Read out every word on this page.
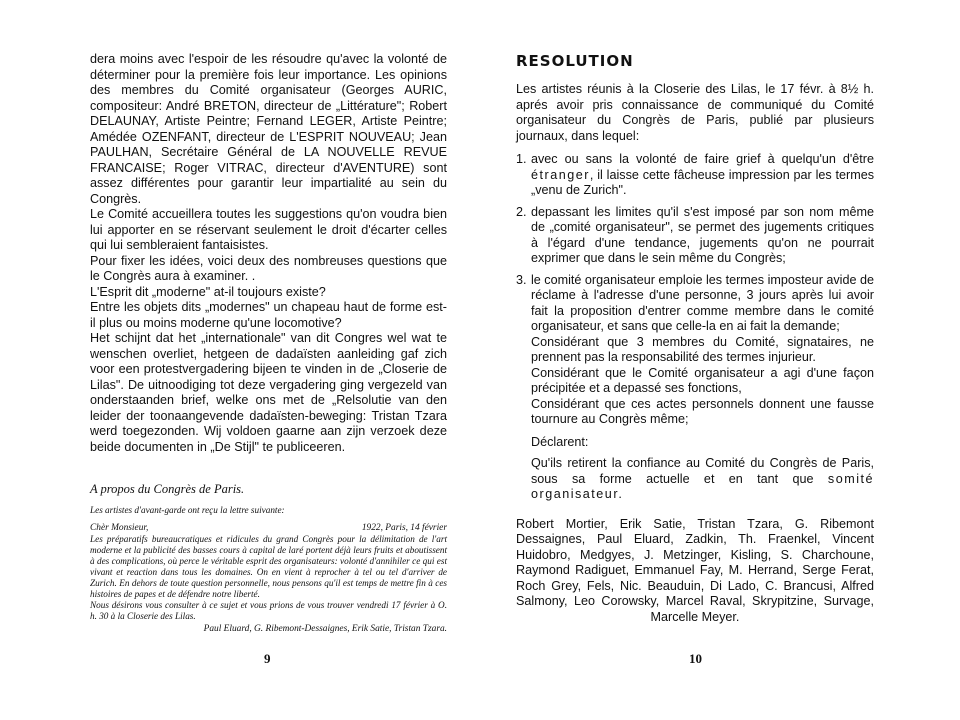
dera moins avec l'espoir de les résoudre qu'avec la volonté de déterminer pour la première fois leur importance. Les opinions des membres du Comité organisateur (Georges AURIC, compositeur: André BRETON, directeur de „Littérature"; Robert DELAUNAY, Artiste Peintre; Fernand LEGER, Artiste Peintre; Amédée OZENFANT, directeur de L'ESPRIT NOUVEAU; Jean PAULHAN, Secrétaire Général de LA NOUVELLE REVUE FRANCAISE; Roger VITRAC, directeur d'AVENTURE) sont assez différentes pour garantir leur impartialité au sein du Congrès.

Le Comité accueillera toutes les suggestions qu'on voudra bien lui apporter en se réservant seulement le droit d'écarter celles qui lui sembleraient fantaisistes.

Pour fixer les idées, voici deux des nombreuses questions que le Congrès aura à examiner. .

L'Esprit dit „moderne" at-il toujours existe?

Entre les objets dits „modernes" un chapeau haut de forme est-il plus ou moins moderne qu'une locomotive?

Het schijnt dat het „internationale" van dit Congres wel wat te wenschen overliet, hetgeen de dadaïsten aanleiding gaf zich voor een protestvergadering bijeen te vinden in de „Closerie de Lilas". De uitnoodiging tot deze vergadering ging vergezeld van onderstaanden brief, welke ons met de „Relsolutie van den leider der toonaangevende dadaïsten-beweging: Tristan Tzara werd toegezonden. Wij voldoen gaarne aan zijn verzoek deze beide documenten in „De Stijl" te publiceeren.

A propos du Congrès de Paris.

Les artistes d'avant-garde ont reçu la lettre suivante:

Chèr Monsieur,	1922, Paris, 14 février

Les préparatifs bureaucratiques et ridicules du grand Congrès pour la délimitation de l'art moderne et la publicité des basses cours à capital de laré portent déjà leurs fruits et aboutissent à des complications, où perce le véritable esprit des organisateurs: volonté d'annihiler ce qui est vivant et reaction dans tous les domaines. On en vient à reprocher à tel ou tel d'arriver de Zurich. En dehors de toute question personnelle, nous pensons qu'il est temps de mettre fin à ces histoires de papes et de défendre notre liberté.

Nous désirons vous consulter à ce sujet et vous prions de vous trouver vendredi 17 février à O. h. 30 à la Closerie des Lilas.

Paul Eluard, G. Ribemont-Dessaignes, Erik Satie, Tristan Tzara.

9

RESOLUTION

Les artistes réunis à la Closerie des Lilas, le 17 févr. à 8½ h. aprés avoir pris connaissance de communiqué du Comité organisateur du Congrès de Paris, publié par plusieurs journaux, dans lequel:

1. avec ou sans la volonté de faire grief à quelqu'un d'être étranger, il laisse cette fâcheuse impression par les termes „venu de Zurich".
2. depassant les limites qu'il s'est imposé par son nom même de „comité organisateur", se permet des jugements critiques à l'égard d'une tendance, jugements qu'on ne pourrait exprimer que dans le sein même du Congrès;
3. le comité organisateur emploie les termes imposteur avide de réclame à l'adresse d'une personne, 3 jours après lui avoir fait la proposition d'entrer comme membre dans le comité organisateur, et sans que celle-la en ai fait la demande;

Considérant que 3 membres du Comité, signataires, ne prennent pas la responsabilité des termes injurieur.

Considérant que le Comité organisateur a agi d'une façon précipitée et a depassé ses fonctions,

Considérant que ces actes personnels donnent une fausse tournure au Congrès même;

Déclarent:

Qu'ils retirent la confiance au Comité du Congrès de Paris, sous sa forme actuelle et en tant que somité organisateur.

Robert Mortier, Erik Satie, Tristan Tzara, G. Ribemont Dessaignes, Paul Eluard, Zadkin, Th. Fraenkel, Vincent Huidobro, Medgyes, J. Metzinger, Kisling, S. Charchoune, Raymond Radiguet, Emmanuel Fay, M. Herrand, Serge Ferat, Roch Grey, Fels, Nic. Beauduin, Di Lado, C. Brancusi, Alfred Salmony, Leo Corowsky, Marcel Raval, Skrypitzine, Survage, Marcelle Meyer.

10
